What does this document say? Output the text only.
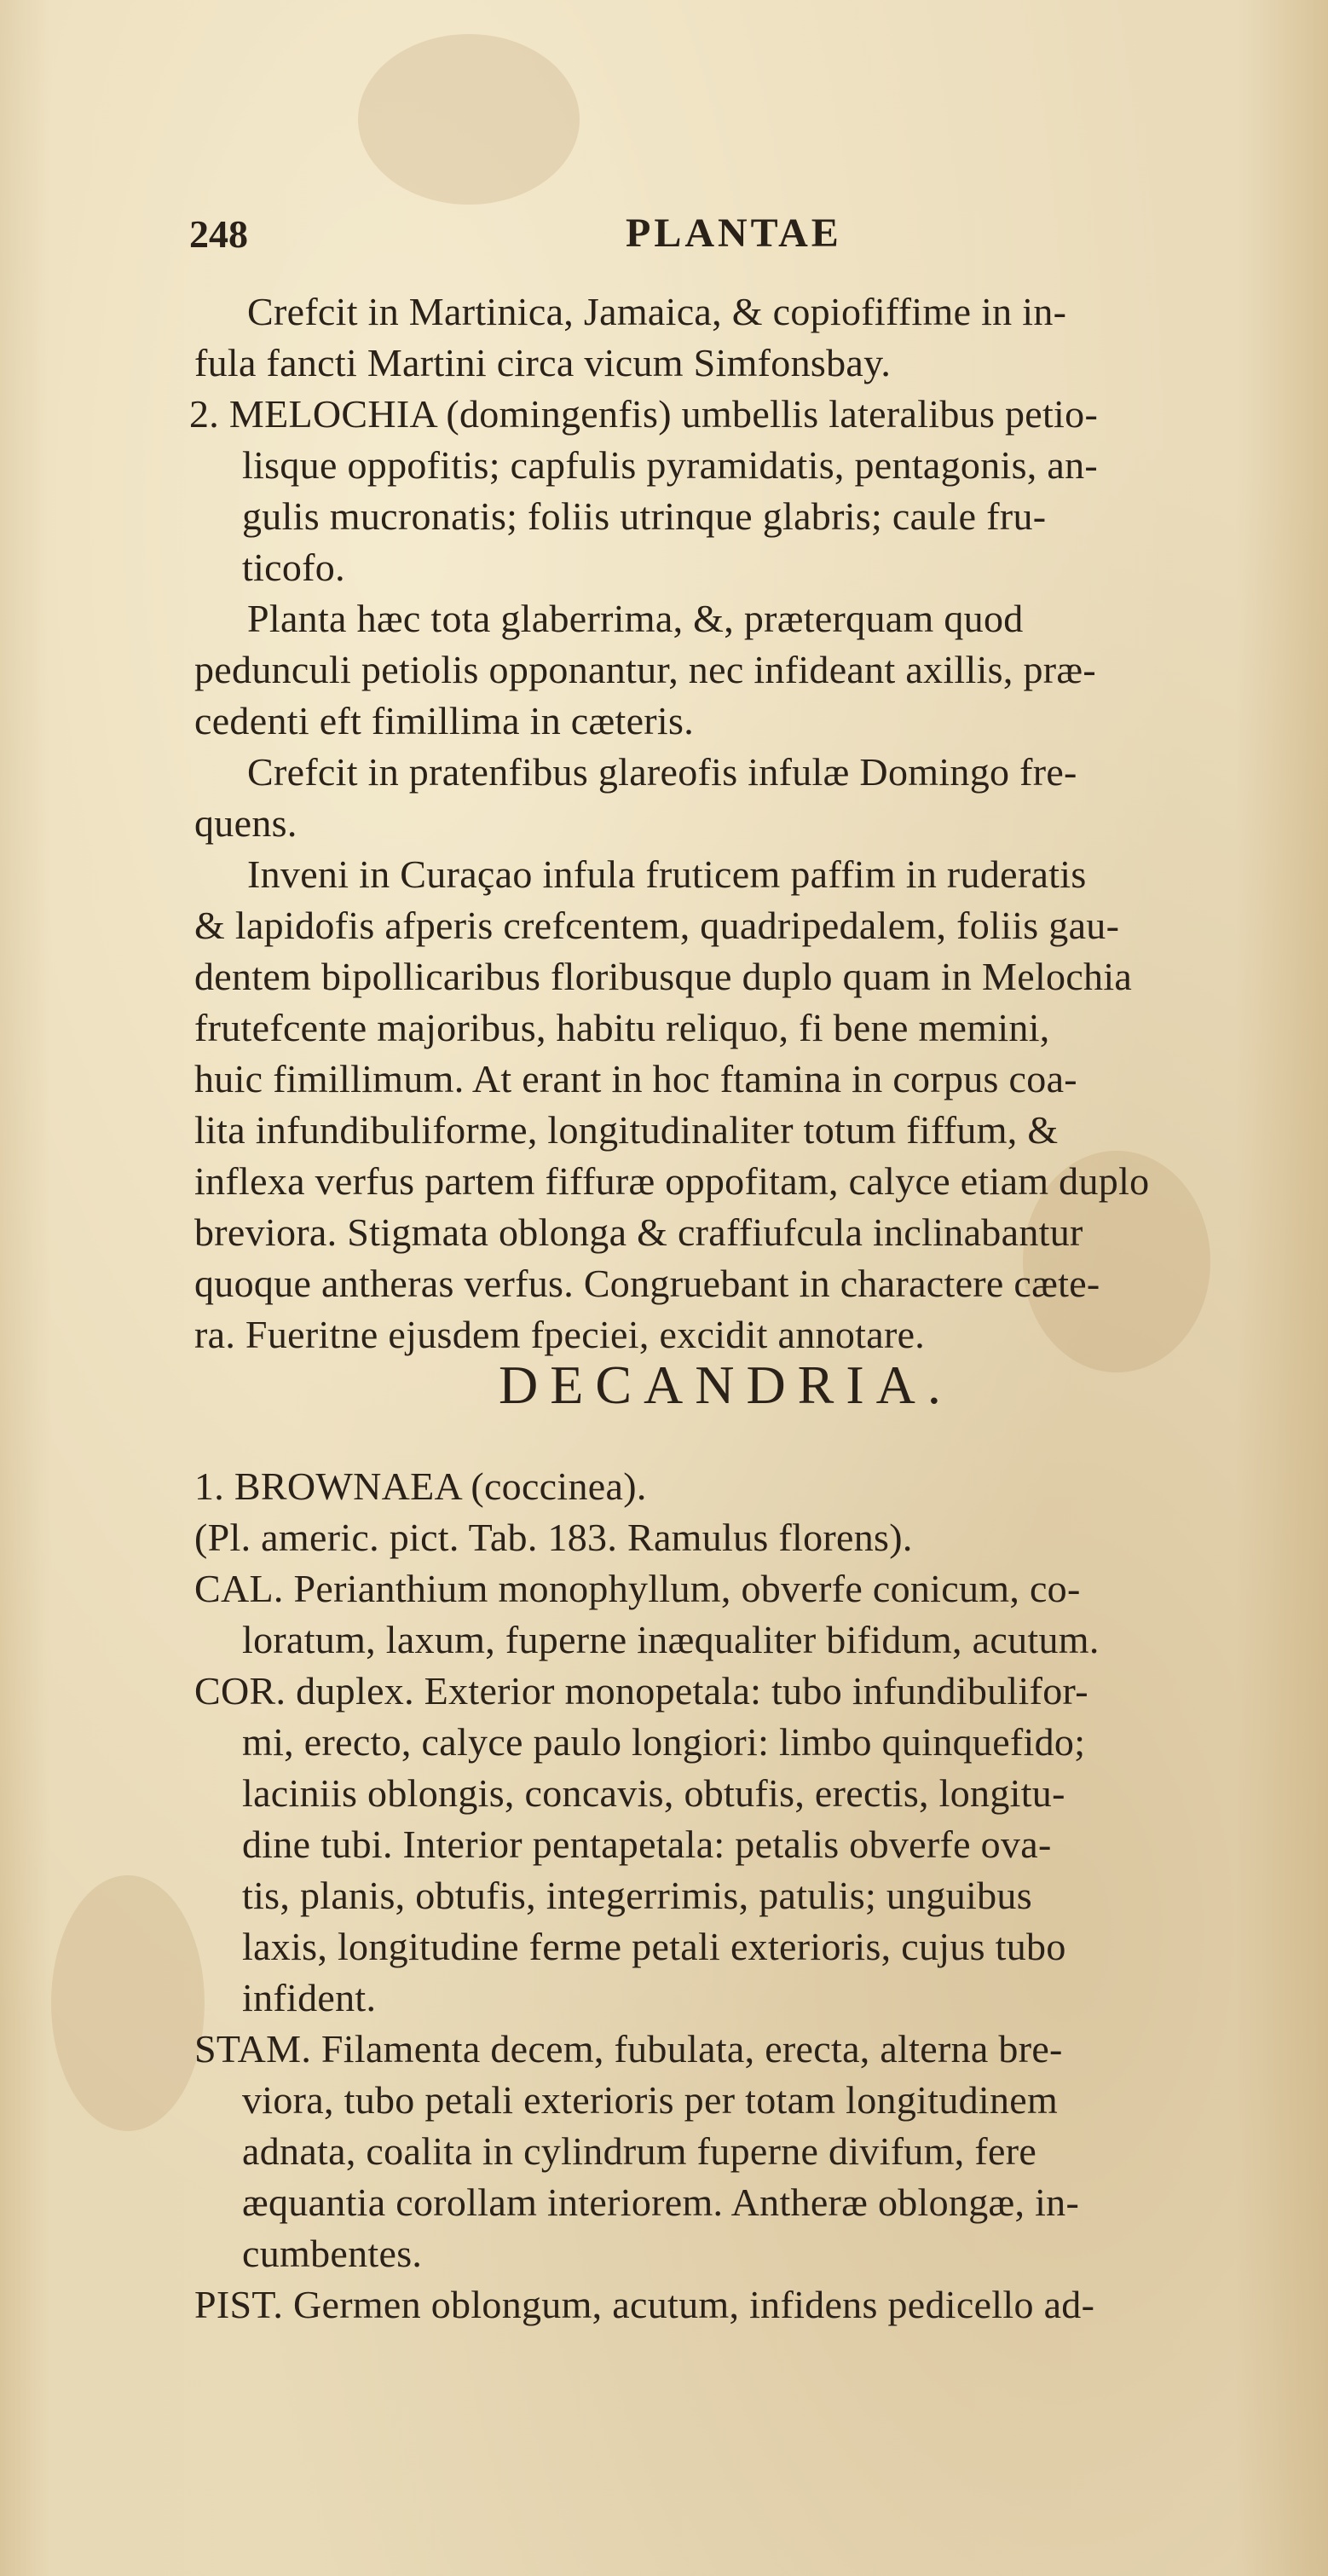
248	PLANTAE
Crefcit in Martinica, Jamaica, & copiofiffime in in-
fula fancti Martini circa vicum Simfonsbay.
2. MELOCHIA (domingenfis) umbellis lateralibus petio-
lisque oppofitis; capfulis pyramidatis, pentagonis, an-
gulis mucronatis; foliis utrinque glabris; caule fru-
ticofo.
Planta hæc tota glaberrima, &, præterquam quod
pedunculi petiolis opponantur, nec infideant axillis, præ-
cedenti eft fimillima in cæteris.
Crefcit in pratenfibus glareofis infulæ Domingo fre-
quens.
Inveni in Curaçao infula fruticem paffim in ruderatis
& lapidofis afperis crefcentem, quadripedalem, foliis gau-
dentem bipollicaribus floribusque duplo quam in Melochia
frutefcente majoribus, habitu reliquo, fi bene memini,
huic fimillimum. At erant in hoc ftamina in corpus coa-
lita infundibuliforme, longitudinaliter totum fiffum, &
inflexa verfus partem fiffuræ oppofitam, calyce etiam duplo
breviora. Stigmata oblonga & craffiufcula inclinabantur
quoque antheras verfus. Congruebant in charactere cæte-
ra. Fueritne ejusdem fpeciei, excidit annotare.
DECANDRIA.
1. BROWNAEA (coccinea).
(Pl. americ. pict. Tab. 183. Ramulus florens).
CAL. Perianthium monophyllum, obverfe conicum, co-
loratum, laxum, fuperne inæqualiter bifidum, acutum.
COR. duplex. Exterior monopetala: tubo infundibulifor-
mi, erecto, calyce paulo longiori: limbo quinquefido;
laciniis oblongis, concavis, obtufis, erectis, longitu-
dine tubi. Interior pentapetala: petalis obverfe ova-
tis, planis, obtufis, integerrimis, patulis; unguibus
laxis, longitudine ferme petali exterioris, cujus tubo
infident.
STAM. Filamenta decem, fubulata, erecta, alterna bre-
viora, tubo petali exterioris per totam longitudinem
adnata, coalita in cylindrum fuperne divifum, fere
æquantia corollam interiorem. Antheræ oblongæ, in-
cumbentes.
PIST. Germen oblongum, acutum, infidens pedicello ad-
